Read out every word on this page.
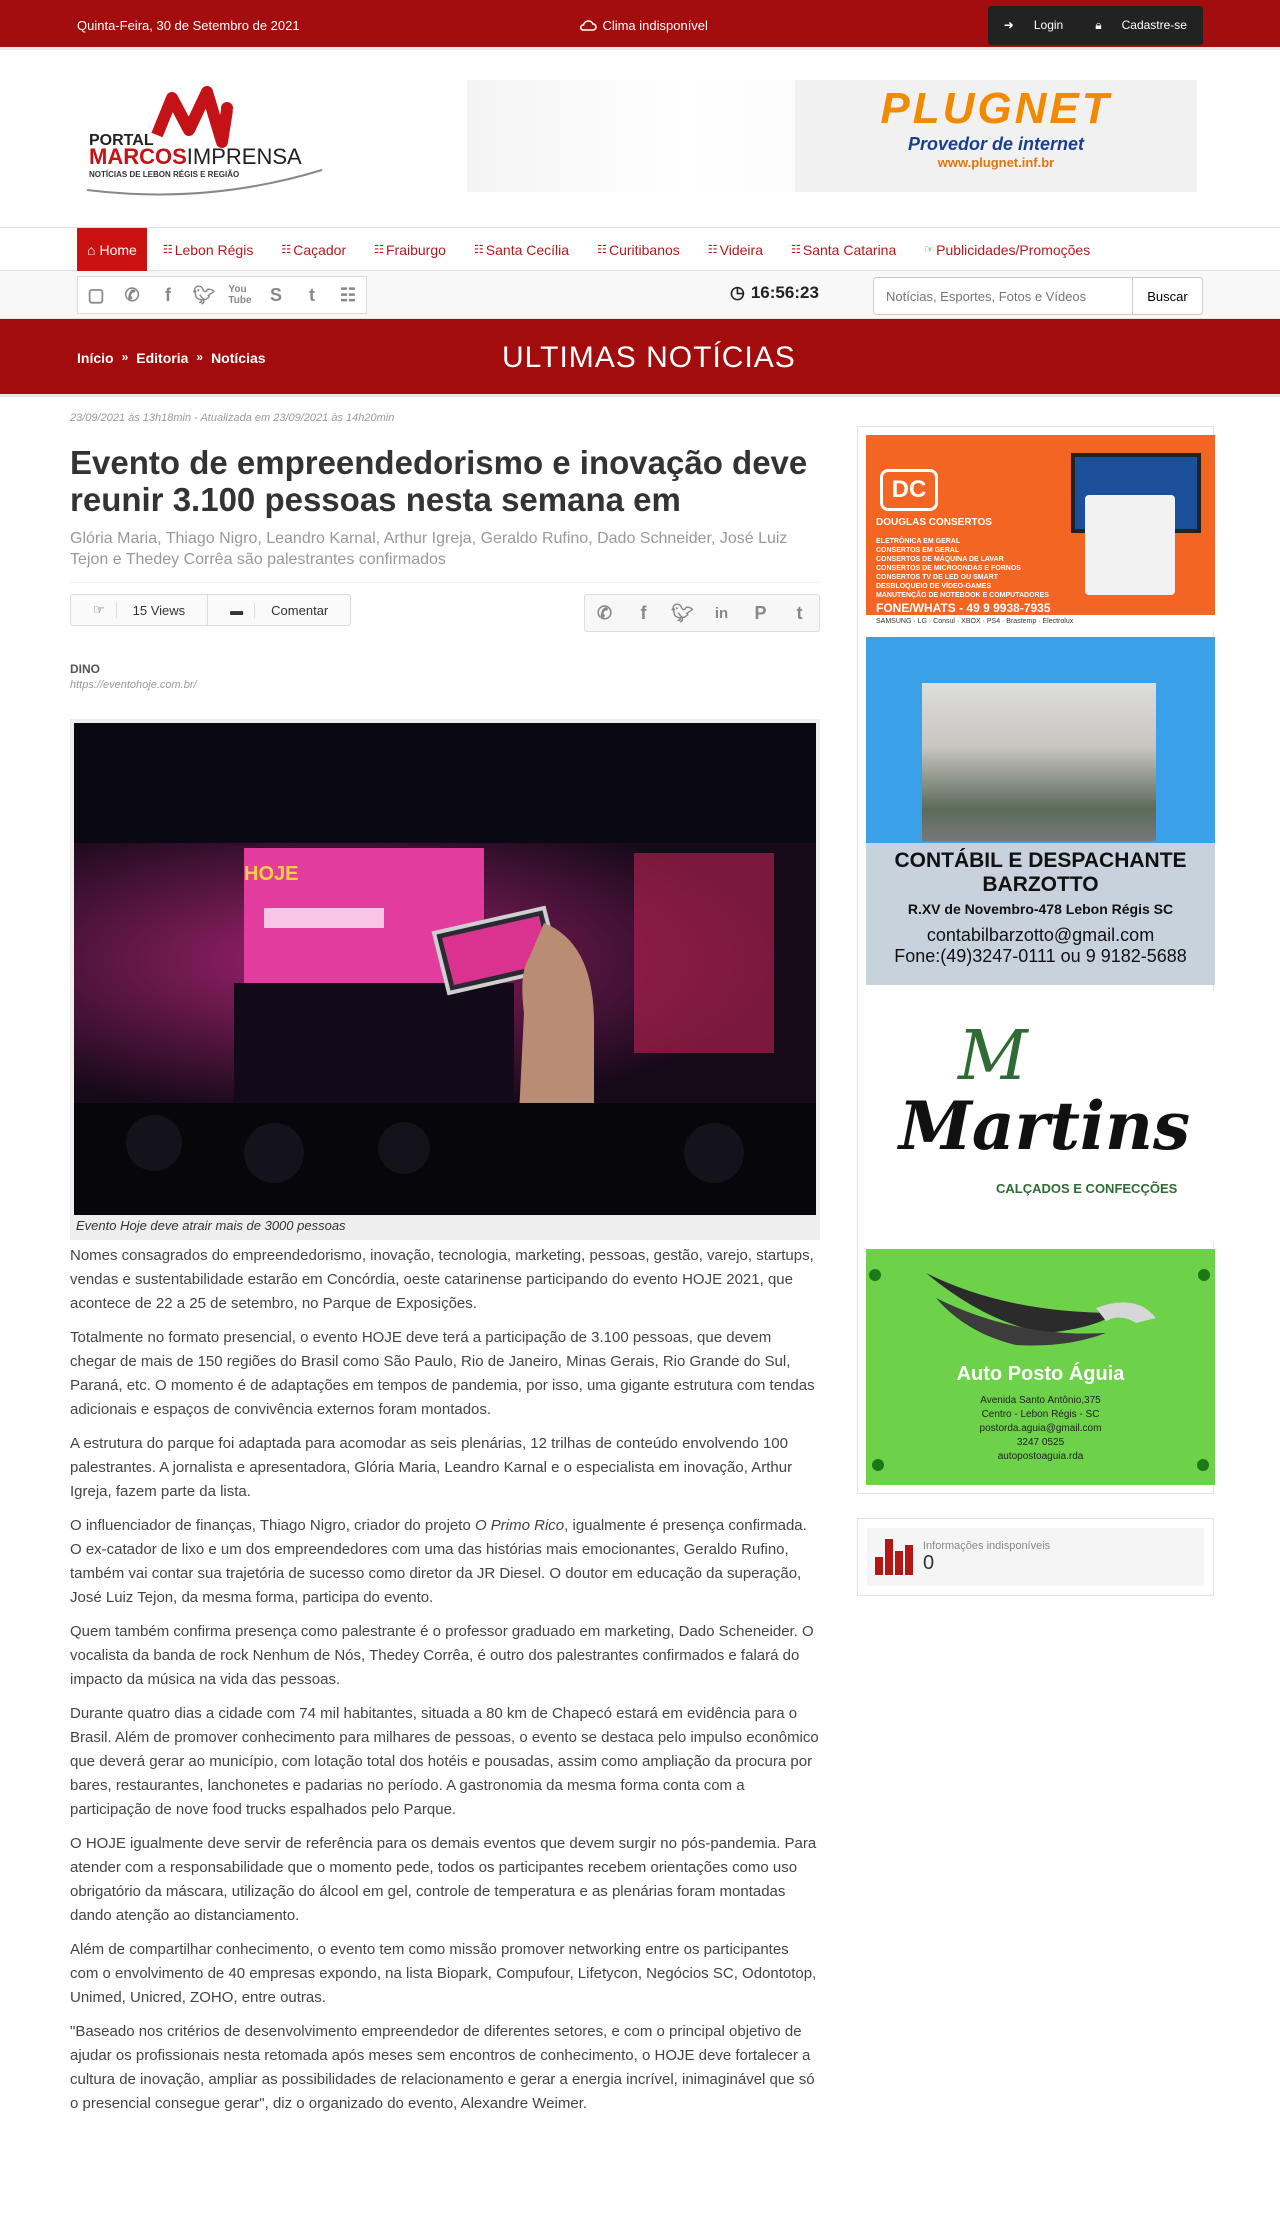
Quinta-Feira, 30 de Setembro de 2021	Clima indisponível	➜	Login	🔒︎	Cadastre-se
PORTAL
MARCOSIMPRENSA
NOTÍCIAS DE LEBON RÉGIS E REGIÃO
PLUGNET
Provedor de internet
www.plugnet.inf.br
⌂ Home ☷ Lebon Régis	☷ Caçador	☷ Fraiburgo	☷ Santa Cecília	☷ Curitibanos	☷ Videira	☷ Santa Catarina	☞ Publicidades/Promoções
▢	✆	f	🐦︎	You
Tube	S	t	☷	◷ 16:56:23
Notícias, Esportes, Fotos e Vídeos	Buscar
Início » Editoria » Notícias	ULTIMAS NOTÍCIAS
23/09/2021 às 13h18min - Atualizada em 23/09/2021 às 14h20min
Evento de empreendedorismo e inovação deve reunir 3.100 pessoas nesta semana em
Glória Maria, Thiago Nigro, Leandro Karnal, Arthur Igreja, Geraldo Rufino, Dado Schneider, José Luiz Tejon e Thedey Corrêa são palestrantes confirmados
☞	15 Views	▬	Comentar	✆	f	🐦︎	in	P	t
DINO
https://eventohoje.com.br/
HOJE
Evento Hoje deve atrair mais de 3000 pessoas

Nomes consagrados do empreendedorismo, inovação, tecnologia, marketing, pessoas, gestão, varejo, startups, vendas e sustentabilidade estarão em Concórdia, oeste catarinense participando do evento HOJE 2021, que acontece de 22 a 25 de setembro, no Parque de Exposições.

Totalmente no formato presencial, o evento HOJE deve terá a participação de 3.100 pessoas, que devem chegar de mais de 150 regiões do Brasil como São Paulo, Rio de Janeiro, Minas Gerais, Rio Grande do Sul, Paraná, etc. O momento é de adaptações em tempos de pandemia, por isso, uma gigante estrutura com tendas adicionais e espaços de convivência externos foram montados.

A estrutura do parque foi adaptada para acomodar as seis plenárias, 12 trilhas de conteúdo envolvendo 100 palestrantes. A jornalista e apresentadora, Glória Maria, Leandro Karnal e o especialista em inovação, Arthur Igreja, fazem parte da lista.

O influenciador de finanças, Thiago Nigro, criador do projeto O Primo Rico, igualmente é presença confirmada. O ex-catador de lixo e um dos empreendedores com uma das histórias mais emocionantes, Geraldo Rufino, também vai contar sua trajetória de sucesso como diretor da JR Diesel. O doutor em educação da superação, José Luiz Tejon, da mesma forma, participa do evento.

Quem também confirma presença como palestrante é o professor graduado em marketing, Dado Scheneider. O vocalista da banda de rock Nenhum de Nós, Thedey Corrêa, é outro dos palestrantes confirmados e falará do impacto da música na vida das pessoas.

Durante quatro dias a cidade com 74 mil habitantes, situada a 80 km de Chapecó estará em evidência para o Brasil. Além de promover conhecimento para milhares de pessoas, o evento se destaca pelo impulso econômico que deverá gerar ao município, com lotação total dos hotéis e pousadas, assim como ampliação da procura por bares, restaurantes, lanchonetes e padarias no período. A gastronomia da mesma forma conta com a participação de nove food trucks espalhados pelo Parque.

O HOJE igualmente deve servir de referência para os demais eventos que devem surgir no pós-pandemia. Para atender com a responsabilidade que o momento pede, todos os participantes recebem orientações como uso obrigatório da máscara, utilização do álcool em gel, controle de temperatura e as plenárias foram montadas dando atenção ao distanciamento.

Além de compartilhar conhecimento, o evento tem como missão promover networking entre os participantes com o envolvimento de 40 empresas expondo, na lista Biopark, Compufour, Lifetycon, Negócios SC, Odontotop, Unimed, Unicred, ZOHO, entre outras.

"Baseado nos critérios de desenvolvimento empreendedor de diferentes setores, e com o principal objetivo de ajudar os profissionais nesta retomada após meses sem encontros de conhecimento, o HOJE deve fortalecer a cultura de inovação, ampliar as possibilidades de relacionamento e gerar a energia incrível, inimaginável que só o presencial consegue gerar", diz o organizado do evento, Alexandre Weimer.

DC
DOUGLAS CONSERTOS
ELETRÔNICA EM GERAL
CONSERTOS EM GERAL
CONSERTOS DE MÁQUINA DE LAVAR
CONSERTOS DE MICROONDAS E FORNOS
CONSERTOS TV DE LED OU SMART
DESBLOQUEIO DE VÍDEO-GAMES
MANUTENÇÃO DE NOTEBOOK E COMPUTADORES
FONE/WHATS - 49 9 9938-7935
SAMSUNG · LG · Consul · XBOX · PS4 · Brastemp · Electrolux
CONTÁBIL E DESPACHANTE
BARZOTTO
R.XV de Novembro-478 Lebon Régis SC
contabilbarzotto@gmail.com
Fone:(49)3247-0111 ou 9 9182-5688
M
Martins
CALÇADOS E CONFECÇÕES
Auto Posto Águia
Avenida Santo Antônio,375
Centro - Lebon Régis - SC
postorda.aguia@gmail.com
3247 0525
autopostoaguia.rda
Informações indisponíveis
0
